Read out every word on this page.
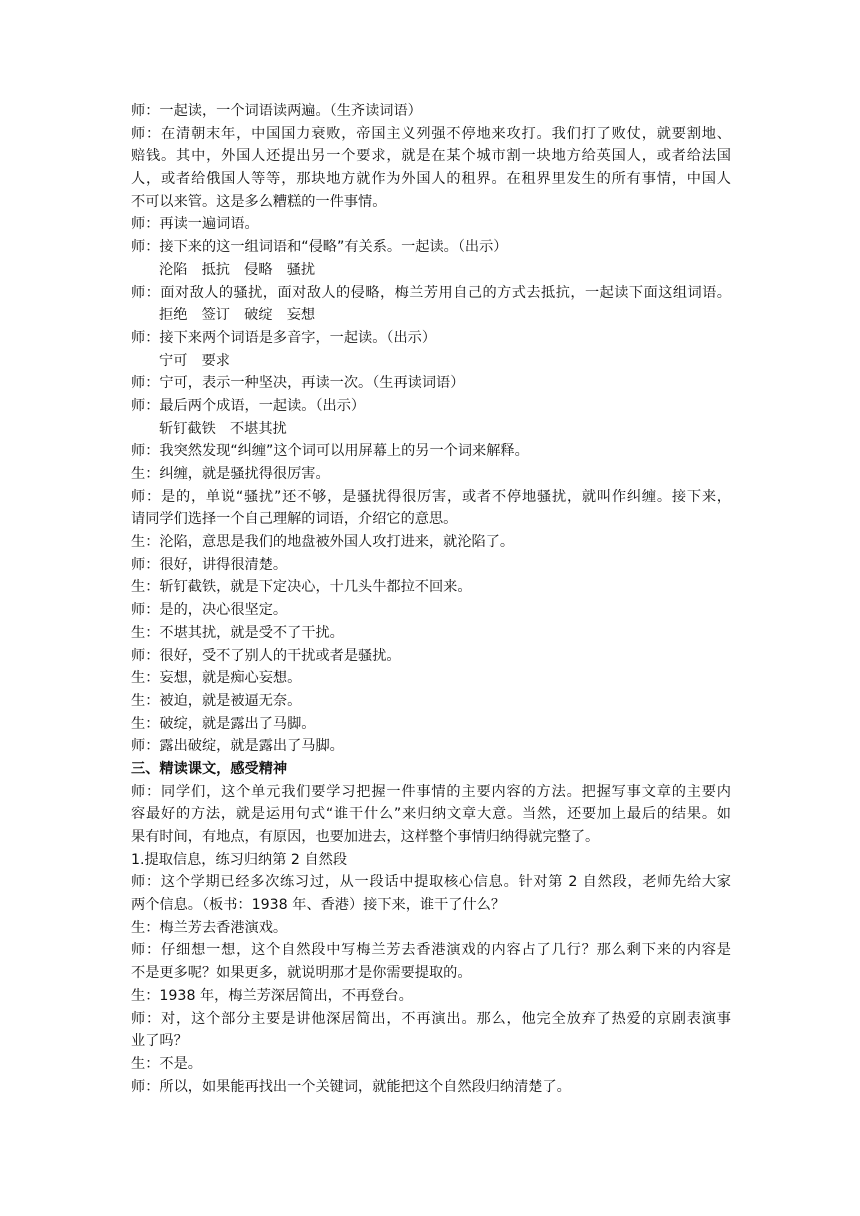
师：一起读，一个词语读两遍。（生齐读词语）
师：在清朝末年，中国国力衰败，帝国主义列强不停地来攻打。我们打了败仗，就要割地、
赔钱。其中，外国人还提出另一个要求，就是在某个城市割一块地方给英国人，或者给法国
人，或者给俄国人等等，那块地方就作为外国人的租界。在租界里发生的所有事情，中国人
不可以来管。这是多么糟糕的一件事情。
师：再读一遍词语。
师：接下来的这一组词语和“侵略”有关系。一起读。（出示）
沦陷　抵抗　侵略　骚扰
师：面对敌人的骚扰，面对敌人的侵略，梅兰芳用自己的方式去抵抗，一起读下面这组词语。
拒绝　签订　破绽　妄想
师：接下来两个词语是多音字，一起读。（出示）
宁可　要求
师：宁可，表示一种坚决，再读一次。（生再读词语）
师：最后两个成语，一起读。（出示）
斩钉截铁　不堪其扰
师：我突然发现“纠缠”这个词可以用屏幕上的另一个词来解释。
生：纠缠，就是骚扰得很厉害。
师：是的，单说“骚扰”还不够，是骚扰得很厉害，或者不停地骚扰，就叫作纠缠。接下来，
请同学们选择一个自己理解的词语，介绍它的意思。
生：沦陷，意思是我们的地盘被外国人攻打进来，就沦陷了。
师：很好，讲得很清楚。
生：斩钉截铁，就是下定决心，十几头牛都拉不回来。
师：是的，决心很坚定。
生：不堪其扰，就是受不了干扰。
师：很好，受不了别人的干扰或者是骚扰。
生：妄想，就是痴心妄想。
生：被迫，就是被逼无奈。
生：破绽，就是露出了马脚。
师：露出破绽，就是露出了马脚。
三、精读课文，感受精神
师：同学们，这个单元我们要学习把握一件事情的主要内容的方法。把握写事文章的主要内
容最好的方法，就是运用句式“谁干什么”来归纳文章大意。当然，还要加上最后的结果。如
果有时间，有地点，有原因，也要加进去，这样整个事情归纳得就完整了。
1.提取信息，练习归纳第 2 自然段
师：这个学期已经多次练习过，从一段话中提取核心信息。针对第 2 自然段，老师先给大家
两个信息。（板书：1938 年、香港）接下来，谁干了什么？
生：梅兰芳去香港演戏。
师：仔细想一想，这个自然段中写梅兰芳去香港演戏的内容占了几行？那么剩下来的内容是
不是更多呢？如果更多，就说明那才是你需要提取的。
生：1938 年，梅兰芳深居简出，不再登台。
师：对，这个部分主要是讲他深居简出，不再演出。那么，他完全放弃了热爱的京剧表演事
业了吗？
生：不是。
师：所以，如果能再找出一个关键词，就能把这个自然段归纳清楚了。
